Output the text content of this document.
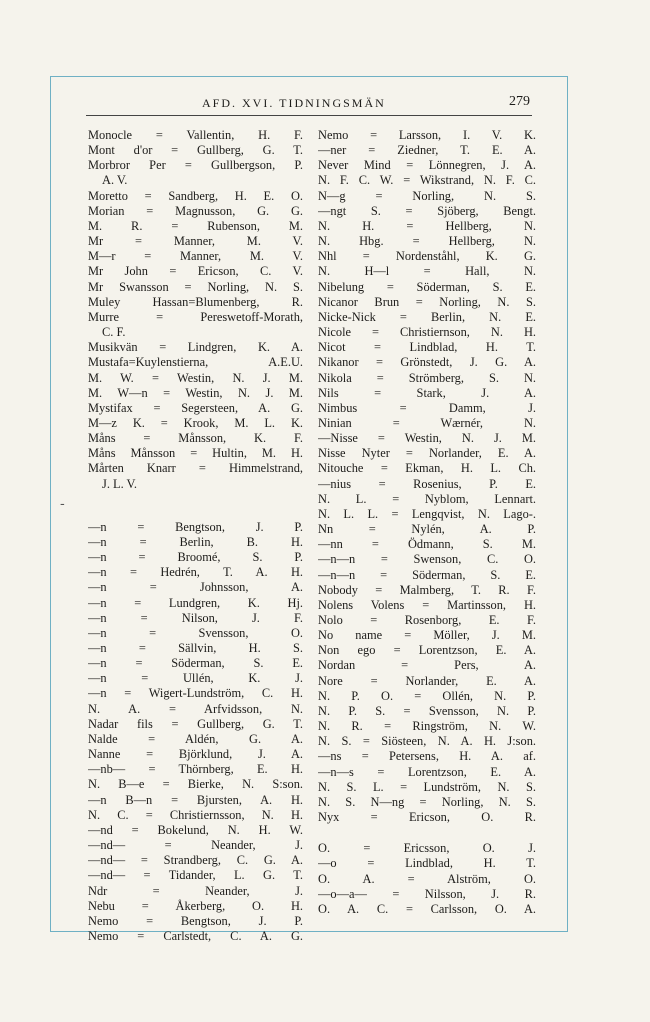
AFD. XVI. TIDNINGSMÄN	279
-
Monocle = Vallentin, H. F.
Mont d'or = Gullberg, G. T.
Morbror Per = Gullbergson, P.
A. V.
Moretto = Sandberg, H. E. O.
Morian = Magnusson, G. G.
M. R. = Rubenson, M.
Mr = Manner, M. V.
M—r = Manner, M. V.
Mr John = Ericson, C. V.
Mr Swansson = Norling, N. S.
Muley Hassan=Blumenberg, R.
Murre = Pereswetoff-Morath,
C. F.
Musikvän = Lindgren, K. A.
Mustafa=Kuylenstierna, A.E.U.
M. W. = Westin, N. J. M.
M. W—n = Westin, N. J. M.
Mystifax = Segersteen, A. G.
M—z K. = Krook, M. L. K.
Måns = Månsson, K. F.
Måns Månsson = Hultin, M. H.
Mårten Knarr = Himmelstrand,
J. L. V.
—n = Bengtson, J. P.
—n = Berlin, B. H.
—n = Broomé, S. P.
—n = Hedrén, T. A. H.
—n = Johnsson, A.
—n = Lundgren, K. Hj.
—n = Nilson, J. F.
—n = Svensson, O.
—n = Sällvin, H. S.
—n = Söderman, S. E.
—n = Ullén, K. J.
—n = Wigert-Lundström, C. H.
N. A. = Arfvidsson, N.
Nadar fils = Gullberg, G. T.
Nalde = Aldén, G. A.
Nanne = Björklund, J. A.
—nb— = Thörnberg, E. H.
N. B—e = Bierke, N. S:son.
—n B—n = Bjursten, A. H.
N. C. = Christiernsson, N. H.
—nd = Bokelund, N. H. W.
—nd— = Neander, J.
—nd— = Strandberg, C. G. A.
—nd— = Tidander, L. G. T.
Ndr = Neander, J.
Nebu = Åkerberg, O. H.
Nemo = Bengtson, J. P.
Nemo = Carlstedt, C. A. G.
Nemo = Larsson, I. V. K.
—ner = Ziedner, T. E. A.
Never Mind = Lönnegren, J. A.
N. F. C. W. = Wikstrand, N. F. C.
N—g = Norling, N. S.
—ngt S. = Sjöberg, Bengt.
N. H. = Hellberg, N.
N. Hbg. = Hellberg, N.
Nhl = Nordenståhl, K. G.
N. H—l = Hall, N.
Nibelung = Söderman, S. E.
Nicanor Brun = Norling, N. S.
Nicke-Nick = Berlin, N. E.
Nicole = Christiernson, N. H.
Nicot = Lindblad, H. T.
Nikanor = Grönstedt, J. G. A.
Nikola = Strömberg, S. N.
Nils = Stark, J. A.
Nimbus = Damm, J.
Ninian = Wærnér, N.
—Nisse = Westin, N. J. M.
Nisse Nyter = Norlander, E. A.
Nitouche = Ekman, H. L. Ch.
—nius = Rosenius, P. E.
N. L. = Nyblom, Lennart.
N. L. L. = Lengqvist, N. Lago-.
Nn = Nylén, A. P.
—nn = Ödmann, S. M.
—n—n = Swenson, C. O.
—n—n = Söderman, S. E.
Nobody = Malmberg, T. R. F.
Nolens Volens = Martinsson, H.
Nolo = Rosenborg, E. F.
No name = Möller, J. M.
Non ego = Lorentzson, E. A.
Nordan = Pers, A.
Nore = Norlander, E. A.
N. P. O. = Ollén, N. P.
N. P. S. = Svensson, N. P.
N. R. = Ringström, N. W.
N. S. = Siösteen, N. A. H. J:son.
—ns = Petersens, H. A. af.
—n—s = Lorentzson, E. A.
N. S. L. = Lundström, N. S.
N. S. N—ng = Norling, N. S.
Nyx = Ericson, O. R.
O. = Ericsson, O. J.
—o = Lindblad, H. T.
O. A. = Alström, O.
—o—a— = Nilsson, J. R.
O. A. C. = Carlsson, O. A.
